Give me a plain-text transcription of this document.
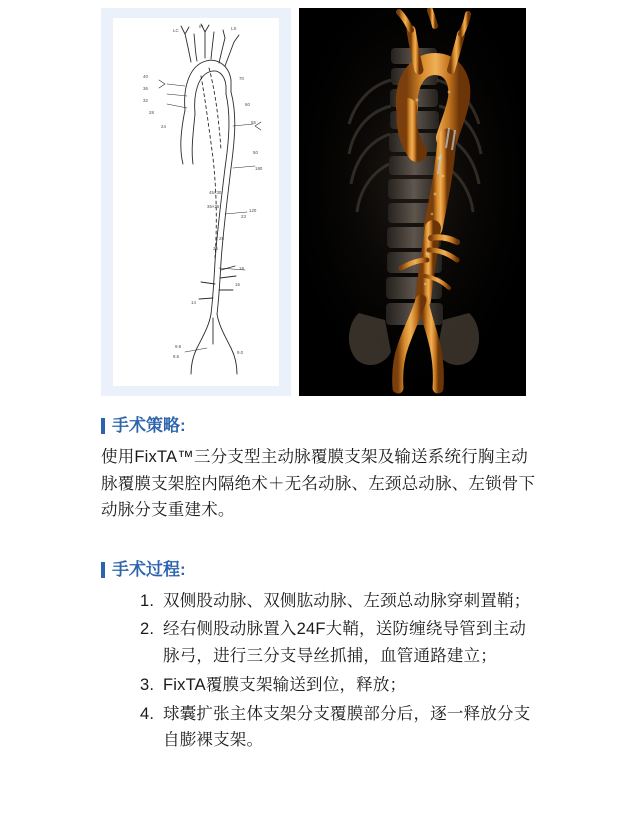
40
36
32
28
24
70
60
55
50
180
120
23
28
26
18
16
14
9.8
8.6
9.0
LC
IN	LS
45×30
36×26
手术策略:
使用FixTA™三分支型主动脉覆膜支架及输送系统行胸主动脉覆膜支架腔内隔绝术＋无名动脉、左颈总动脉、左锁骨下动脉分支重建术。
手术过程:
1. 双侧股动脉、双侧肱动脉、左颈总动脉穿刺置鞘；
2. 经右侧股动脉置入24F大鞘，送防缠绕导管到主动脉弓，进行三分支导丝抓捕，血管通路建立；
3. FixTA覆膜支架输送到位，释放；
4. 球囊扩张主体支架分支覆膜部分后，逐一释放分支自膨裸支架。
